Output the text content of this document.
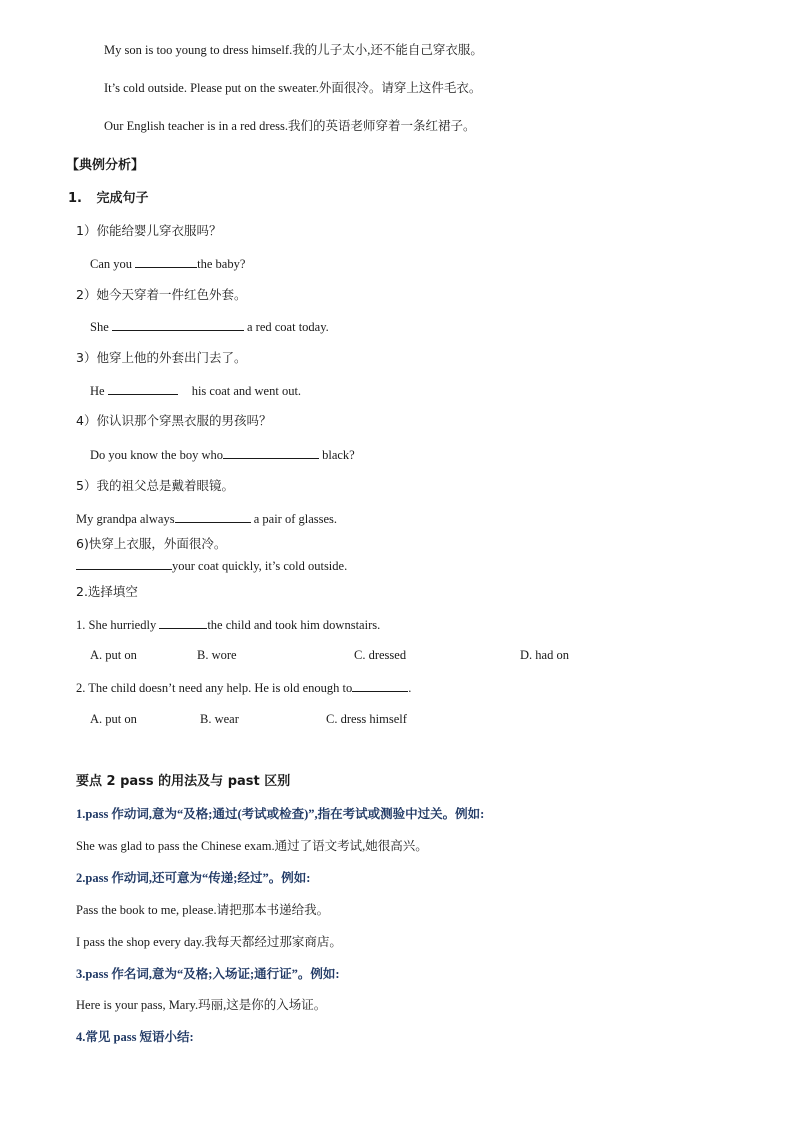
My son is too young to dress himself.我的儿子太小,还不能自己穿衣服。
It’s cold outside. Please put on the sweater.外面很冷。请穿上这件毛衣。
Our English teacher is in a red dress.我们的英语老师穿着一条红裙子。
【典例分析】
1. 完成句子
1）你能给婴儿穿衣服吗？
Can you	the baby?
2）她今天穿着一件红色外套。
She	a red coat today.
3）他穿上他的外套出门去了。
He	his coat and went out.
4）你认识那个穿黑衣服的男孩吗？
Do you know the boy who	black?
5）我的祖父总是戴着眼镜。
My grandpa always	a pair of glasses.
6)快穿上衣服，外面很冷。
your coat quickly, it’s cold outside.
2.选择填空
1. She hurriedly	the child and took him downstairs.
A. put on	B. wore	C. dressed	D. had on
2. The child doesn’t need any help. He is old enough to	.
A. put on	B. wear	C. dress himself
要点 2 pass 的用法及与 past 区别
1.pass 作动词,意为“及格;通过(考试或检查)”,指在考试或测验中过关。例如:
She was glad to pass the Chinese exam.通过了语文考试,她很高兴。
2.pass 作动词,还可意为“传递;经过”。例如:
Pass the book to me, please.请把那本书递给我。
I pass the shop every day.我每天都经过那家商店。
3.pass 作名词,意为“及格;入场证;通行证”。例如:
Here is your pass, Mary.玛丽,这是你的入场证。
4.常见 pass 短语小结:
